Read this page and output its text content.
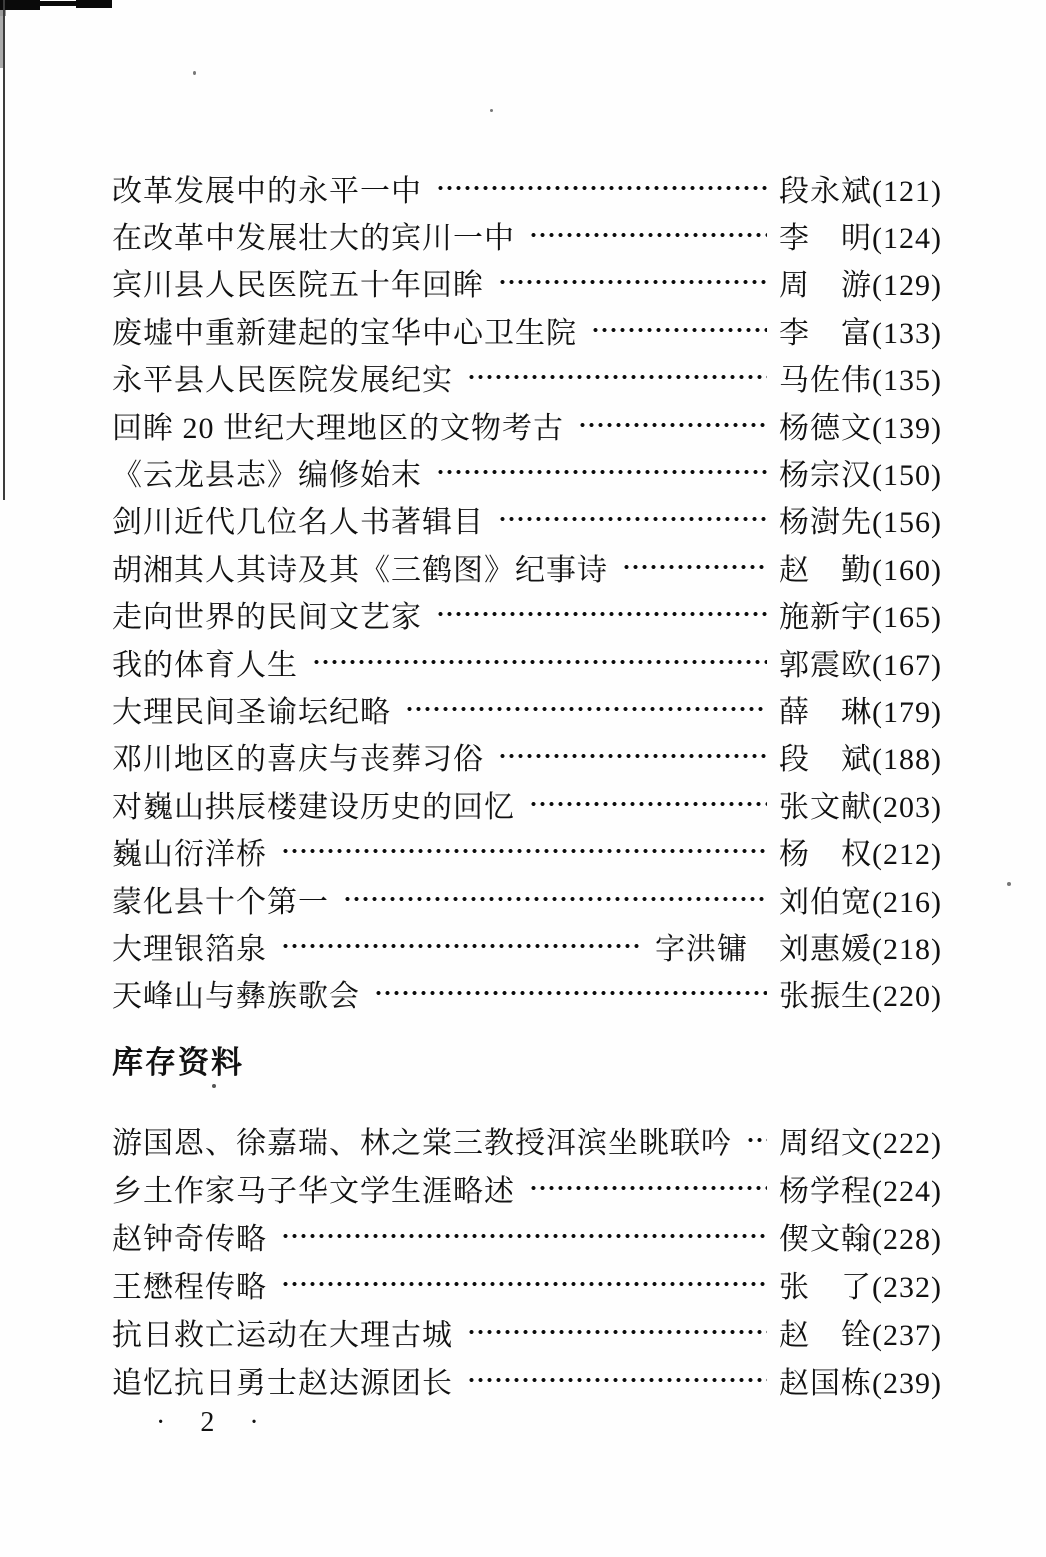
改革发展中的永平一中	段永斌(121)
在改革中发展壮大的宾川一中	李　明(124)
宾川县人民医院五十年回眸	周　游(129)
废墟中重新建起的宝华中心卫生院	李　富(133)
永平县人民医院发展纪实	马佐伟(135)
回眸 20 世纪大理地区的文物考古	杨德文(139)
《云龙县志》编修始末	杨宗汉(150)
剑川近代几位名人书著辑目	杨澍先(156)
胡湘其人其诗及其《三鹤图》纪事诗	赵　勤(160)
走向世界的民间文艺家	施新宇(165)
我的体育人生	郭震欧(167)
大理民间圣谕坛纪略	薛　琳(179)
邓川地区的喜庆与丧葬习俗	段　斌(188)
对巍山拱辰楼建设历史的回忆	张文献(203)
巍山衍洋桥	杨　权(212)
蒙化县十个第一	刘伯宽(216)
大理银箔泉	字洪镛　刘惠媛(218)
天峰山与彝族歌会	张振生(220)
库存资料
游国恩、徐嘉瑞、林之棠三教授洱滨坐眺联吟 周绍文(222)
乡土作家马子华文学生涯略述	杨学程(224)
赵钟奇传略	偰文翰(228)
王懋程传略	张　了(232)
抗日救亡运动在大理古城	赵　铨(237)
追忆抗日勇士赵达源团长	赵国栋(239)
· 2 ·
